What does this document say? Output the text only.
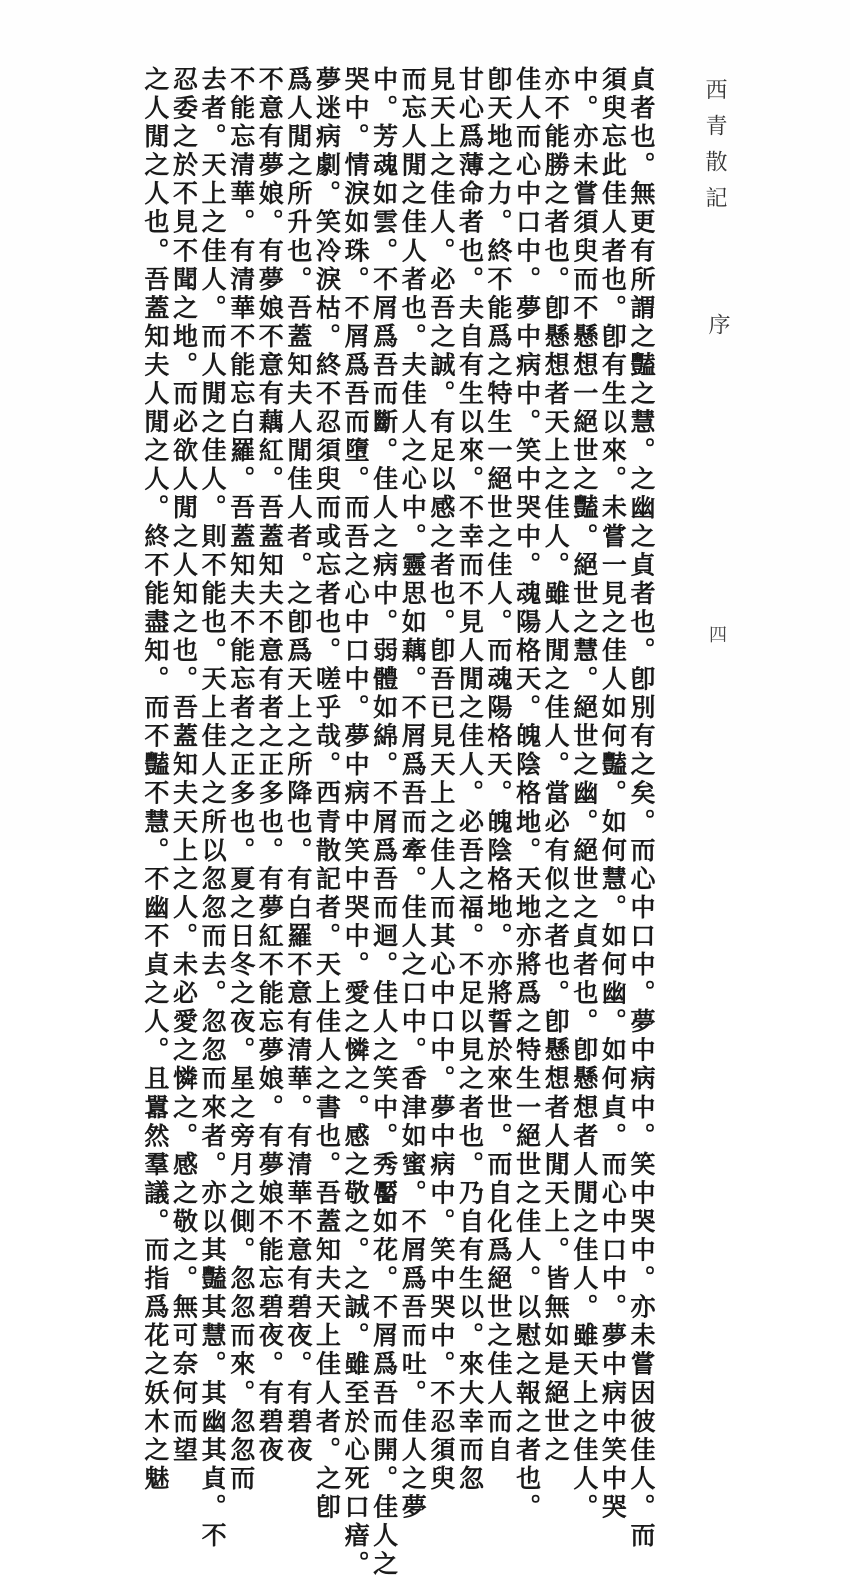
西青散記
序
四
貞者也。無更有所謂之豔之慧。之幽之貞者也。卽別有之矣。而心中口中。夢中病中。笑中哭中。亦未嘗因彼佳人。而
須臾忘此佳人者也。卽有生以來。未嘗一見之佳人如何豔。如何慧。如何幽。如何貞。而心中口中。夢中病中笑中哭
中。亦未嘗須臾而不懸想一絕世之豔。絕世之慧。絕世之幽。絕世之貞者也。卽懸想者人閒之佳人。雖天上之佳人。
亦不能勝之者也。卽懸想者天上之佳人。雖人閒之佳人。當必有似之者也。卽懸想者人閒天上。皆無如是絕世之
佳人而心中口中。夢中病中。笑中哭中。魂陽格天。魄陰格地。天地亦將爲之特生一絕世之佳人。以慰之報之者也。
卽天地之力。終不能爲之特生一絕世之佳人。而魂陽格天。魄陰格地。亦將誓於來世。而自化爲絕世之佳人而自
甘心爲薄命者也。夫自有生以來。不幸而不見人閒之佳人。必吾之福。不足以見之者也。乃自有生以。來大幸而忽
見天上之佳人。必吾之誠。有足以感之者也。卽吾已見天上之佳人而其心中口中。夢中病中。笑中哭中。不忍須臾
而忘人閒之佳人者也。夫佳人之心中。靈思如藕。不屑爲吾而牽。佳人之口中。香津如蜜。不屑爲吾而吐。佳人之夢
中。芳魂如雲。不屑爲吾而斷。佳人之病中。弱體如綿。不屑爲吾而迴。佳人之笑中。秀靨如花。不屑爲吾而開。佳人之
哭中。情淚如珠。不屑爲吾而墮。而吾之心中口中。夢中病中笑中哭中。愛之憐之。感之敬之。之誠。雖至於心死口瘖。
夢迷病劇。笑冷淚枯。終不忍須臾而或忘者也。嗟乎哉。西青散記者。天上佳人之書也。吾蓋知夫天上佳人者。之卽
爲人閒之所升也。吾蓋知夫人閒佳人者。之卽爲天上之所降也。有白羅不意有清華。有清華不意有碧夜。有碧夜
不意有夢娘。有夢娘不意有藕紅。吾蓋知夫不意有者之正多也。有夢紅不能忘夢娘。有夢娘不能忘碧夜。有碧夜
不能忘清華。有清華不能忘白羅。吾蓋知夫不能忘者之正多也。夏之日冬之夜。星之旁月之側。忽忽而來。忽忽而
去者。天上之佳人。而人閒之佳人。則不能也。天上佳人之所以忽忽而去。忽忽而來者。亦以其豔其慧。其幽其貞。不
忍委之於不見不聞之地。而必欲人閒之人知之也。吾蓋知夫天上之人。未必愛之憐之。感之敬之。無可奈何而望
之人閒之人也。吾蓋知夫人閒之人。終不能盡知。而不豔不慧。不幽不貞之人。且囂然羣議。而指爲花之妖木之魅
